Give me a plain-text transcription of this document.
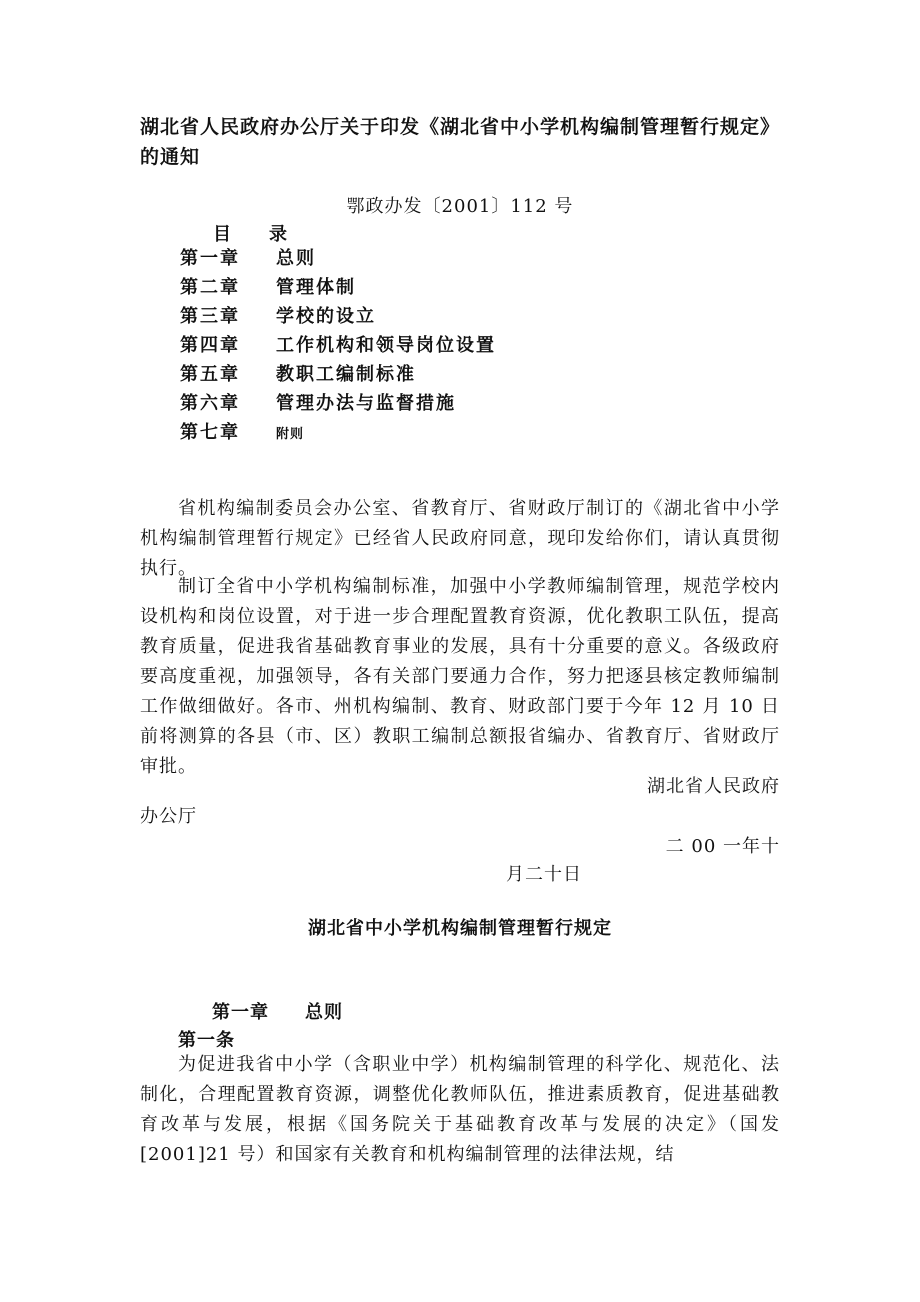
湖北省人民政府办公厅关于印发《湖北省中小学机构编制管理暂行规定》的通知
鄂政办发〔2001〕112 号
目 录
第一章 总则
第二章 管理体制
第三章 学校的设立
第四章 工作机构和领导岗位设置
第五章 教职工编制标准
第六章 管理办法与监督措施
第七章	附则

省机构编制委员会办公室、省教育厅、省财政厅制订的《湖北省中小学机构编制管理暂行规定》已经省人民政府同意，现印发给你们，请认真贯彻执行。

制订全省中小学机构编制标准，加强中小学教师编制管理，规范学校内设机构和岗位设置，对于进一步合理配置教育资源，优化教职工队伍，提高教育质量，促进我省基础教育事业的发展，具有十分重要的意义。各级政府要高度重视，加强领导，各有关部门要通力合作，努力把逐县核定教师编制工作做细做好。各市、州机构编制、教育、财政部门要于今年 12 月 10 日前将测算的各县（市、区）教职工编制总额报省编办、省教育厅、省财政厅审批。

湖北省人民政府
办公厅
二 00 一年十
月二十日
湖北省中小学机构编制管理暂行规定
第一章 总则
第一条

为促进我省中小学（含职业中学）机构编制管理的科学化、规范化、法制化，合理配置教育资源，调整优化教师队伍，推进素质教育，促进基础教育改革与发展，根据《国务院关于基础教育改革与发展的决定》（国发[2001]21 号）和国家有关教育和机构编制管理的法律法规，结
